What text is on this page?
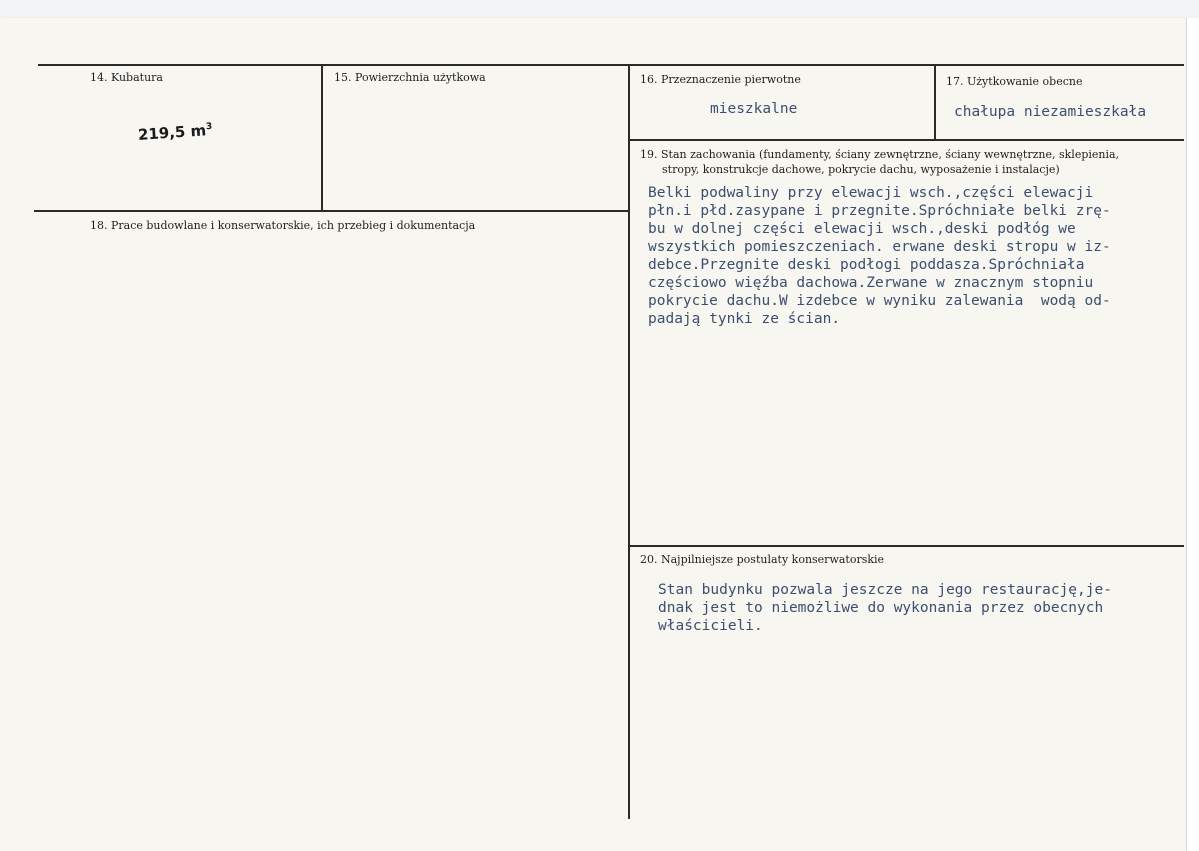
14. Kubatura
219,5 $m^3$
15. Powierzchnia użytkowa	16. Przeznaczenie pierwotne
mieszkalne
17. Użytkowanie obecne
chałupa niezamieszkała
18. Prace budowlane i konserwatorskie, ich przebieg i dokumentacja
19. Stan zachowania (fundamenty, ściany zewnętrzne, ściany wewnętrzne, sklepienia,
stropy, konstrukcje dachowe, pokrycie dachu, wyposażenie i instalacje)
Belki podwaliny przy elewacji wsch.,części elewacji
płn.i płd.zasypane i przegnite.Spróchniałe belki zrę-
bu w dolnej części elewacji wsch.,deski podłóg we
wszystkich pomieszczeniach. erwane deski stropu w iz-
debce.Przegnite deski podłogi poddasza.Spróchniała
częściowo więźba dachowa.Zerwane w znacznym stopniu
pokrycie dachu.W izdebce w wyniku zalewania  wodą od-
padają tynki ze ścian.
20. Najpilniejsze postulaty konserwatorskie
Stan budynku pozwala jeszcze na jego restaurację,je-
dnak jest to niemożliwe do wykonania przez obecnych
właścicieli.
